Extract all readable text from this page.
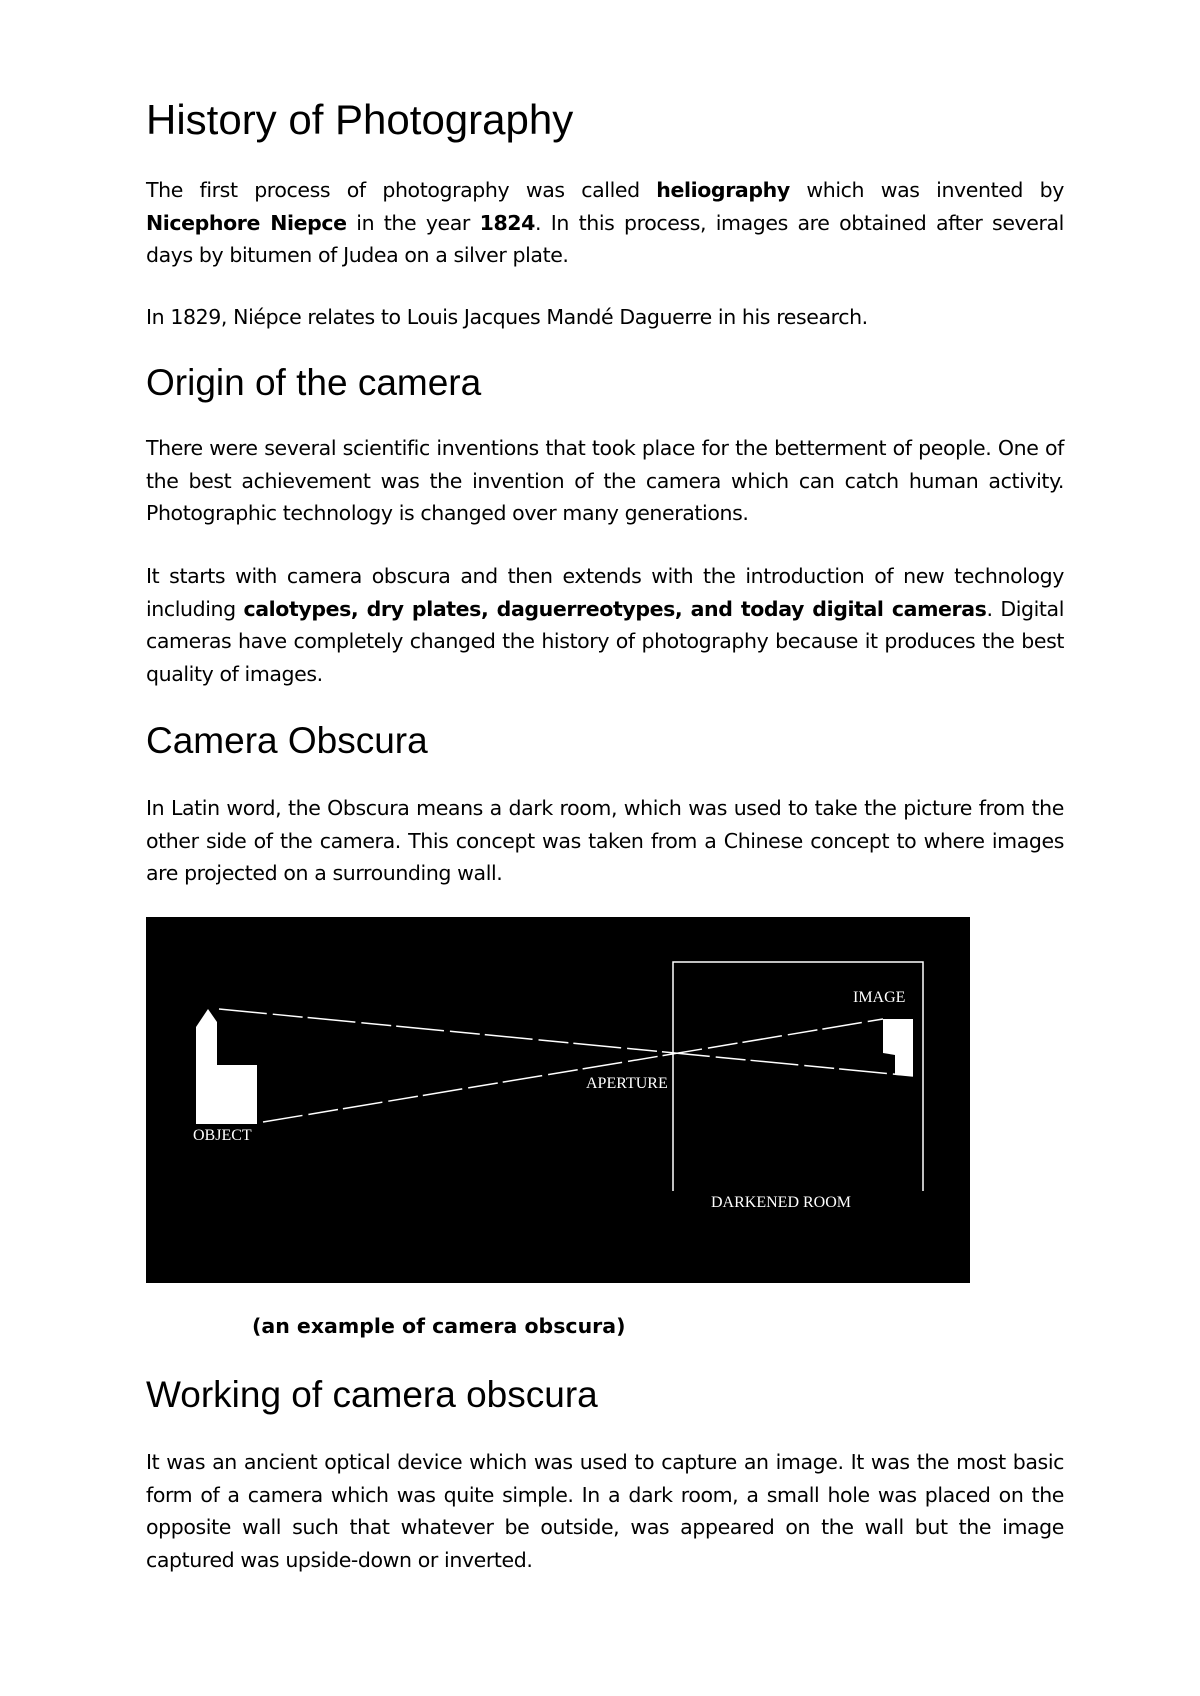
History of Photography

The first process of photography was called heliography which was invented by Nicephore Niepce in the year 1824. In this process, images are obtained after several days by bitumen of Judea on a silver plate.

In 1829, Niépce relates to Louis Jacques Mandé Daguerre in his research.

Origin of the camera

There were several scientific inventions that took place for the betterment of people. One of the best achievement was the invention of the camera which can catch human activity. Photographic technology is changed over many generations.

It starts with camera obscura and then extends with the introduction of new technology including calotypes, dry plates, daguerreotypes, and today digital cameras. Digital cameras have completely changed the history of photography because it produces the best quality of images.

Camera Obscura

In Latin word, the Obscura means a dark room, which was used to take the picture from the other side of the camera. This concept was taken from a Chinese concept to where images are projected on a surrounding wall.

IMAGE
APERTURE
OBJECT
DARKENED ROOM
(an example of camera obscura)
Working of camera obscura

It was an ancient optical device which was used to capture an image. It was the most basic form of a camera which was quite simple. In a dark room, a small hole was placed on the opposite wall such that whatever be outside, was appeared on the wall but the image captured was upside-down or inverted.
